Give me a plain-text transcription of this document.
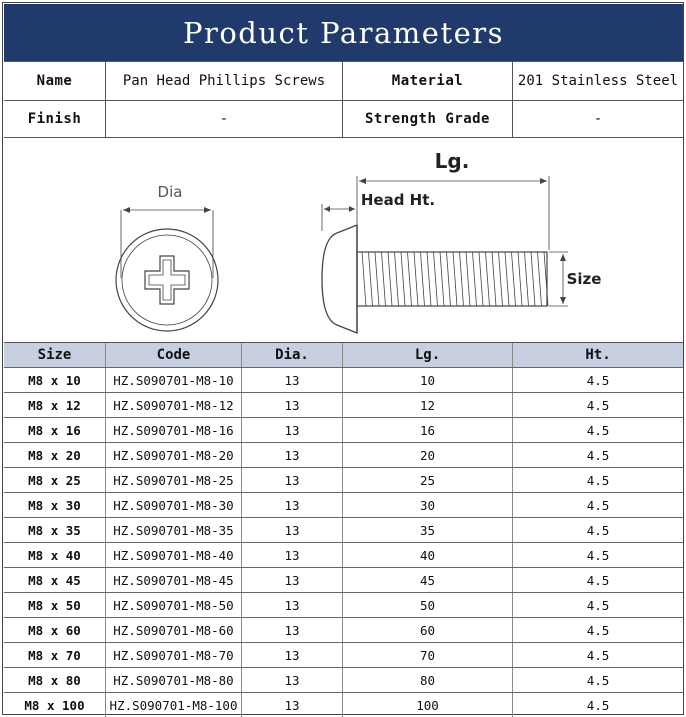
Product Parameters
Name	Pan Head Phillips Screws	Material	201 Stainless Steel
Finish	-	Strength Grade	-
Dia
Lg.
Head Ht.
Size
Size	Code	Dia.	Lg.	Ht.
M8 x 10	HZ.S090701-M8-10	13	10	4.5
M8 x 12	HZ.S090701-M8-12	13	12	4.5
M8 x 16	HZ.S090701-M8-16	13	16	4.5
M8 x 20	HZ.S090701-M8-20	13	20	4.5
M8 x 25	HZ.S090701-M8-25	13	25	4.5
M8 x 30	HZ.S090701-M8-30	13	30	4.5
M8 x 35	HZ.S090701-M8-35	13	35	4.5
M8 x 40	HZ.S090701-M8-40	13	40	4.5
M8 x 45	HZ.S090701-M8-45	13	45	4.5
M8 x 50	HZ.S090701-M8-50	13	50	4.5
M8 x 60	HZ.S090701-M8-60	13	60	4.5
M8 x 70	HZ.S090701-M8-70	13	70	4.5
M8 x 80	HZ.S090701-M8-80	13	80	4.5
M8 x 100	HZ.S090701-M8-100	13	100	4.5
